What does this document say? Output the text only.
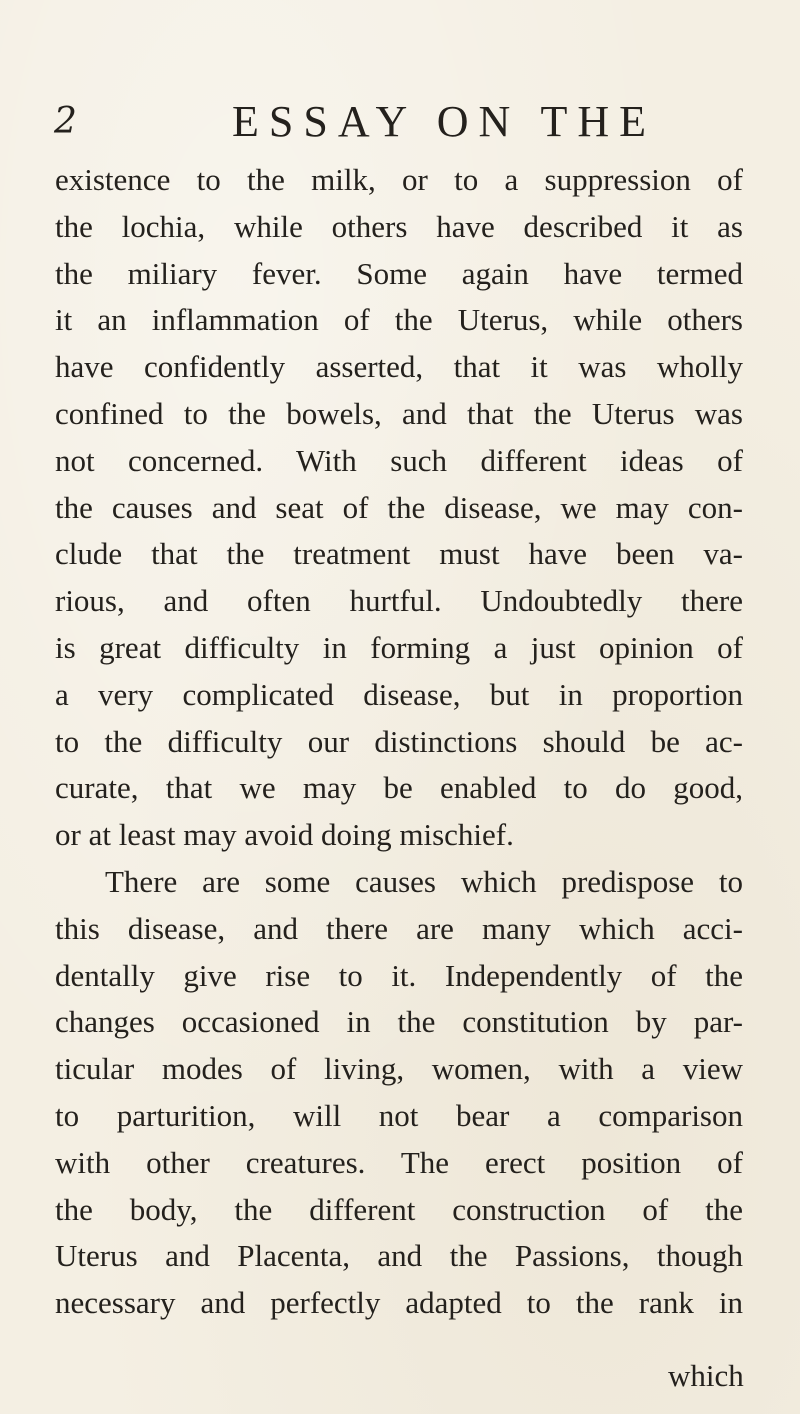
2	ESSAY ON THE
existence to the milk, or to a suppression of
the lochia, while others have described it as
the miliary fever. Some again have termed
it an inflammation of the Uterus, while others
have confidently asserted, that it was wholly
confined to the bowels, and that the Uterus was
not concerned. With such different ideas of
the causes and seat of the disease, we may con-
clude that the treatment must have been va-
rious, and often hurtful. Undoubtedly there
is great difficulty in forming a just opinion of
a very complicated disease, but in proportion
to the difficulty our distinctions should be ac-
curate, that we may be enabled to do good,
or at least may avoid doing mischief.
There are some causes which predispose to
this disease, and there are many which acci-
dentally give rise to it. Independently of the
changes occasioned in the constitution by par-
ticular modes of living, women, with a view
to parturition, will not bear a comparison
with other creatures. The erect position of
the body, the different construction of the
Uterus and Placenta, and the Passions, though
necessary and perfectly adapted to the rank in
which
